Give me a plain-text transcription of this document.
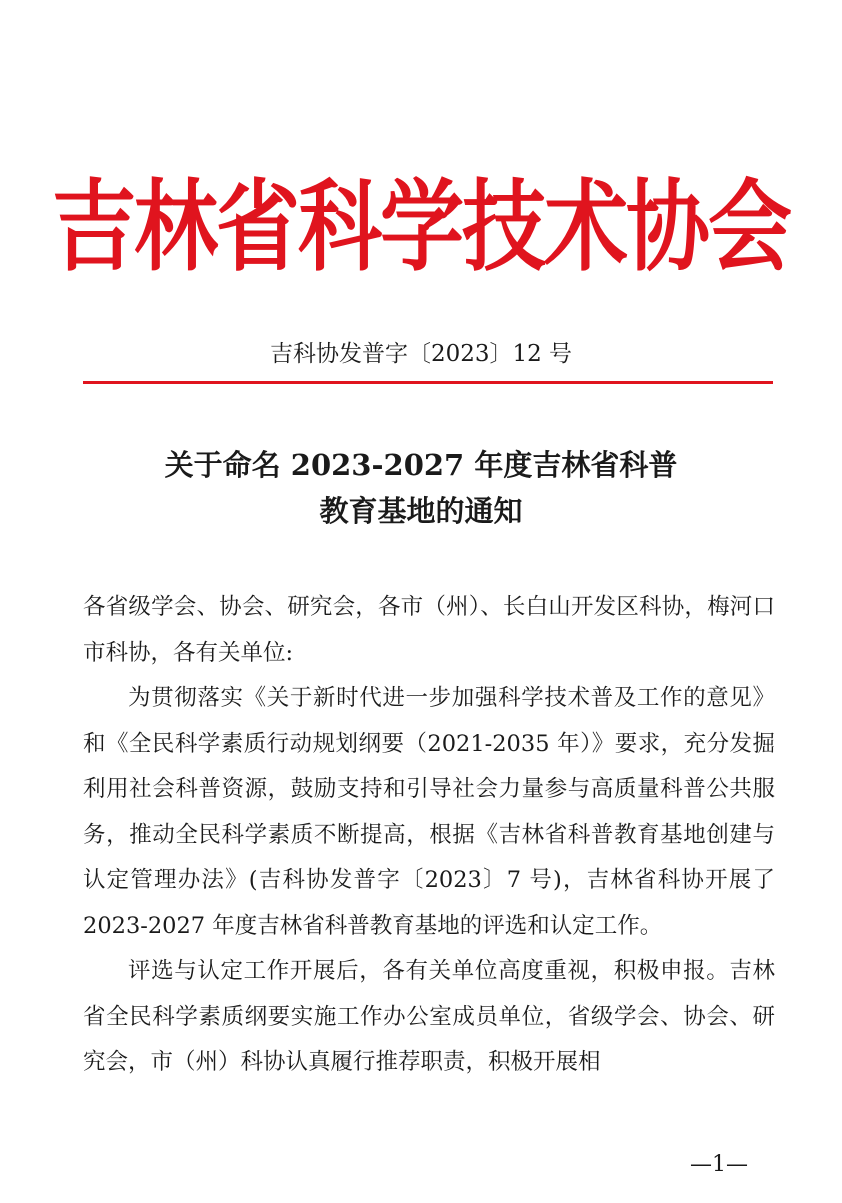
吉林省科学技术协会
吉科协发普字〔2023〕12 号
关于命名 2023-2027 年度吉林省科普
教育基地的通知

各省级学会、协会、研究会，各市（州）、长白山开发区科协，梅河口市科协，各有关单位:

为贯彻落实《关于新时代进一步加强科学技术普及工作的意见》和《全民科学素质行动规划纲要（2021-2035 年）》要求，充分发掘利用社会科普资源，鼓励支持和引导社会力量参与高质量科普公共服务，推动全民科学素质不断提高，根据《吉林省科普教育基地创建与认定管理办法》(吉科协发普字〔2023〕7 号)，吉林省科协开展了 2023-2027 年度吉林省科普教育基地的评选和认定工作。

评选与认定工作开展后，各有关单位高度重视，积极申报。吉林省全民科学素质纲要实施工作办公室成员单位，省级学会、协会、研究会，市（州）科协认真履行推荐职责，积极开展相

—1—
